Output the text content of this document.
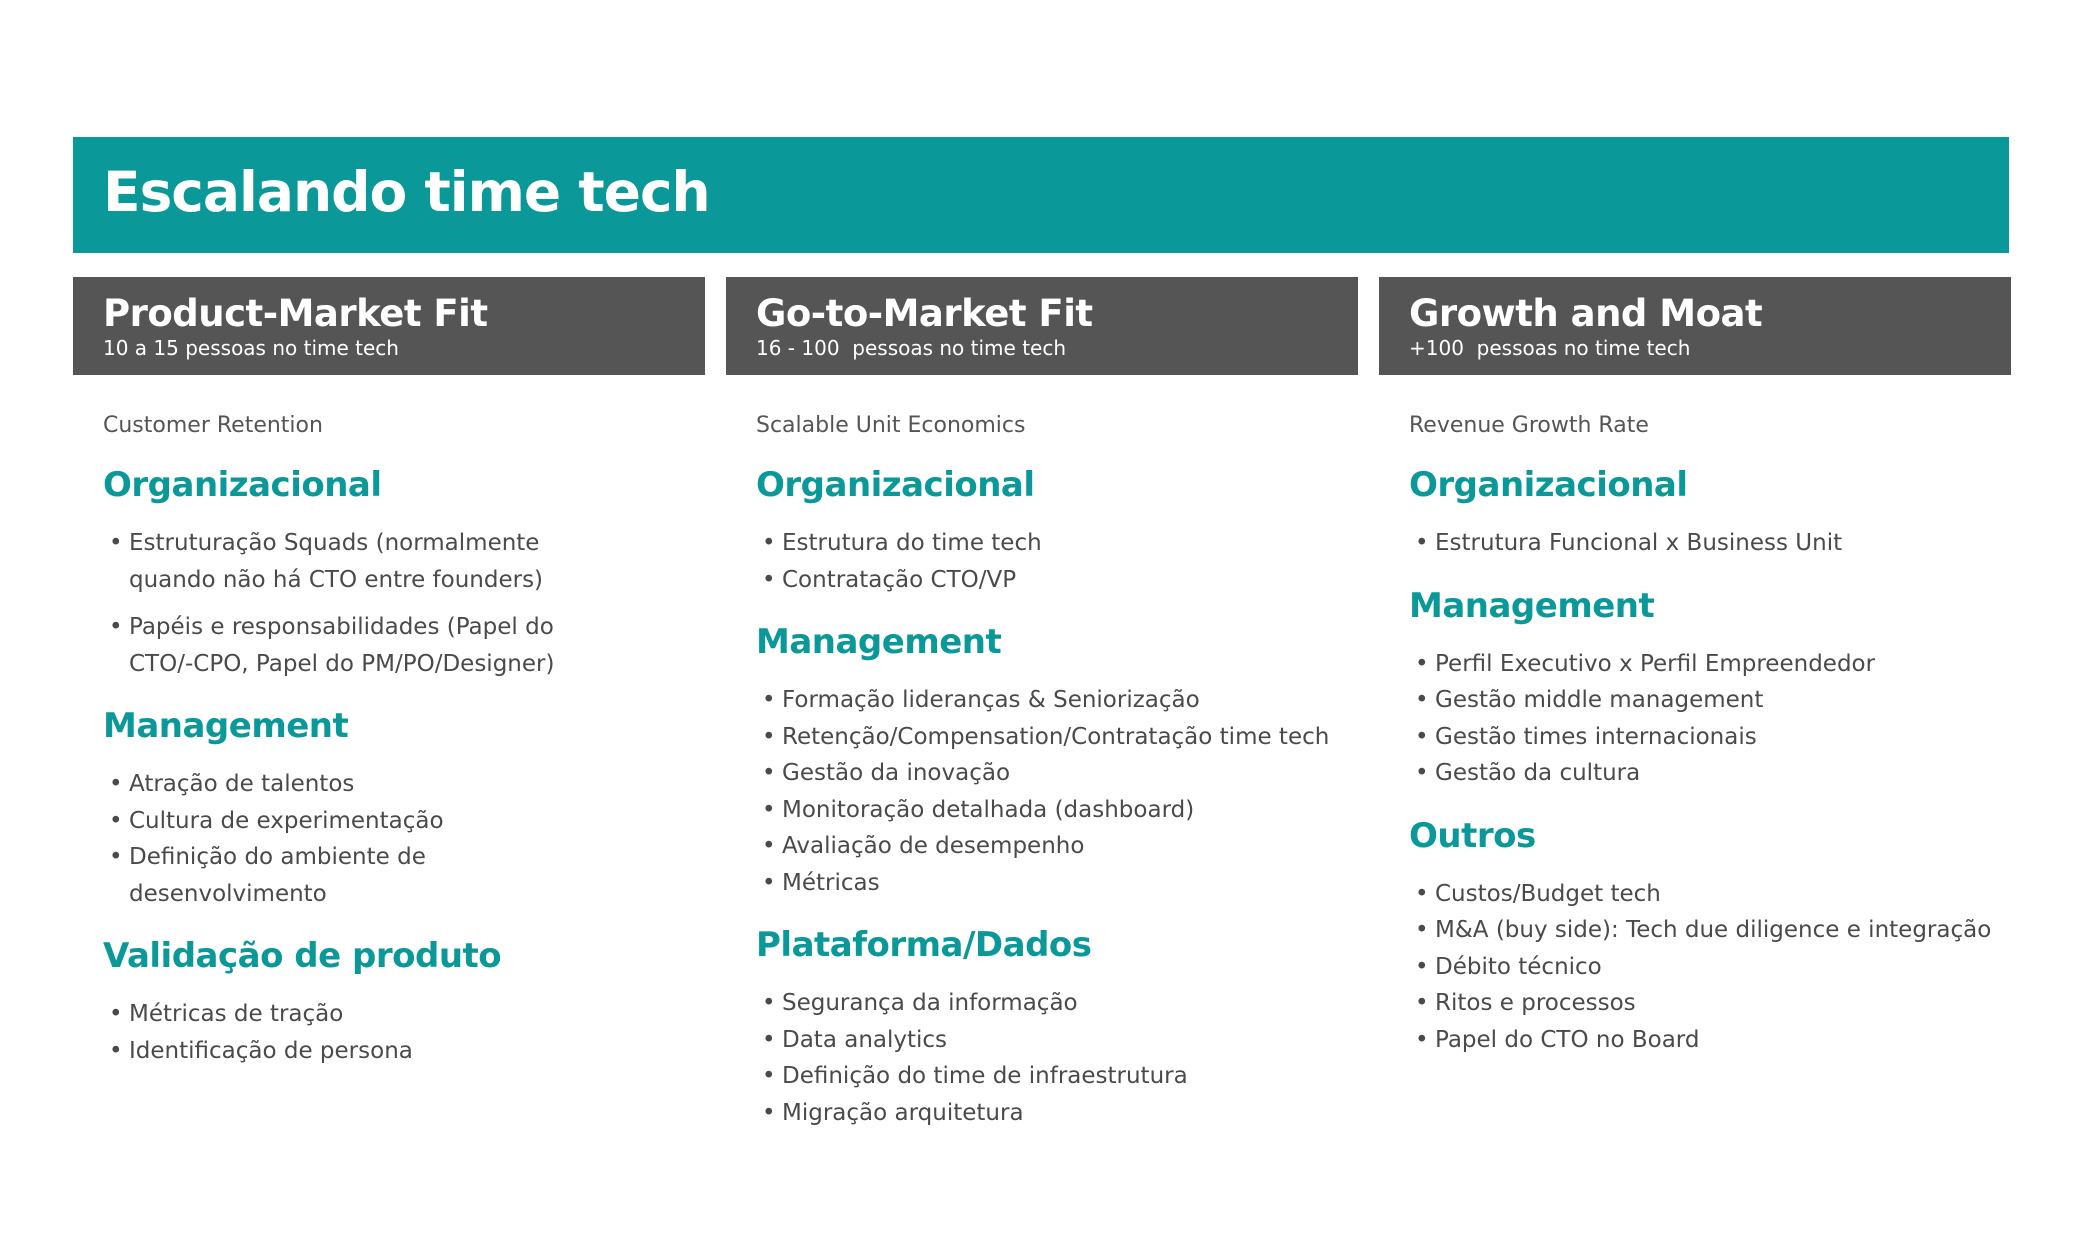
Escalando time tech
Product-Market Fit
10 a 15 pessoas no time tech

Customer Retention

Organizacional
• Estruturação Squads (normalmente quando não há CTO entre founders)
• Papéis e responsabilidades (Papel do CTO/-CPO, Papel do PM/PO/Designer)
Management
• Atração de talentos
• Cultura de experimentação
• Definição do ambiente de desenvolvimento
Validação de produto
• Métricas de tração
• Identificação de persona
Go-to-Market Fit
16 - 100  pessoas no time tech

Scalable Unit Economics

Organizacional
• Estrutura do time tech
• Contratação CTO/VP
Management
• Formação lideranças & Seniorização
• Retenção/Compensation/Contratação time tech
• Gestão da inovação
• Monitoração detalhada (dashboard)
• Avaliação de desempenho
• Métricas
Plataforma/Dados
• Segurança da informação
• Data analytics
• Definição do time de infraestrutura
• Migração arquitetura
Growth and Moat
+100  pessoas no time tech

Revenue Growth Rate

Organizacional
• Estrutura Funcional x Business Unit
Management
• Perfil Executivo x Perfil Empreendedor
• Gestão middle management
• Gestão times internacionais
• Gestão da cultura
Outros
• Custos/Budget tech
• M&A (buy side): Tech due diligence e integração
• Débito técnico
• Ritos e processos
• Papel do CTO no Board
